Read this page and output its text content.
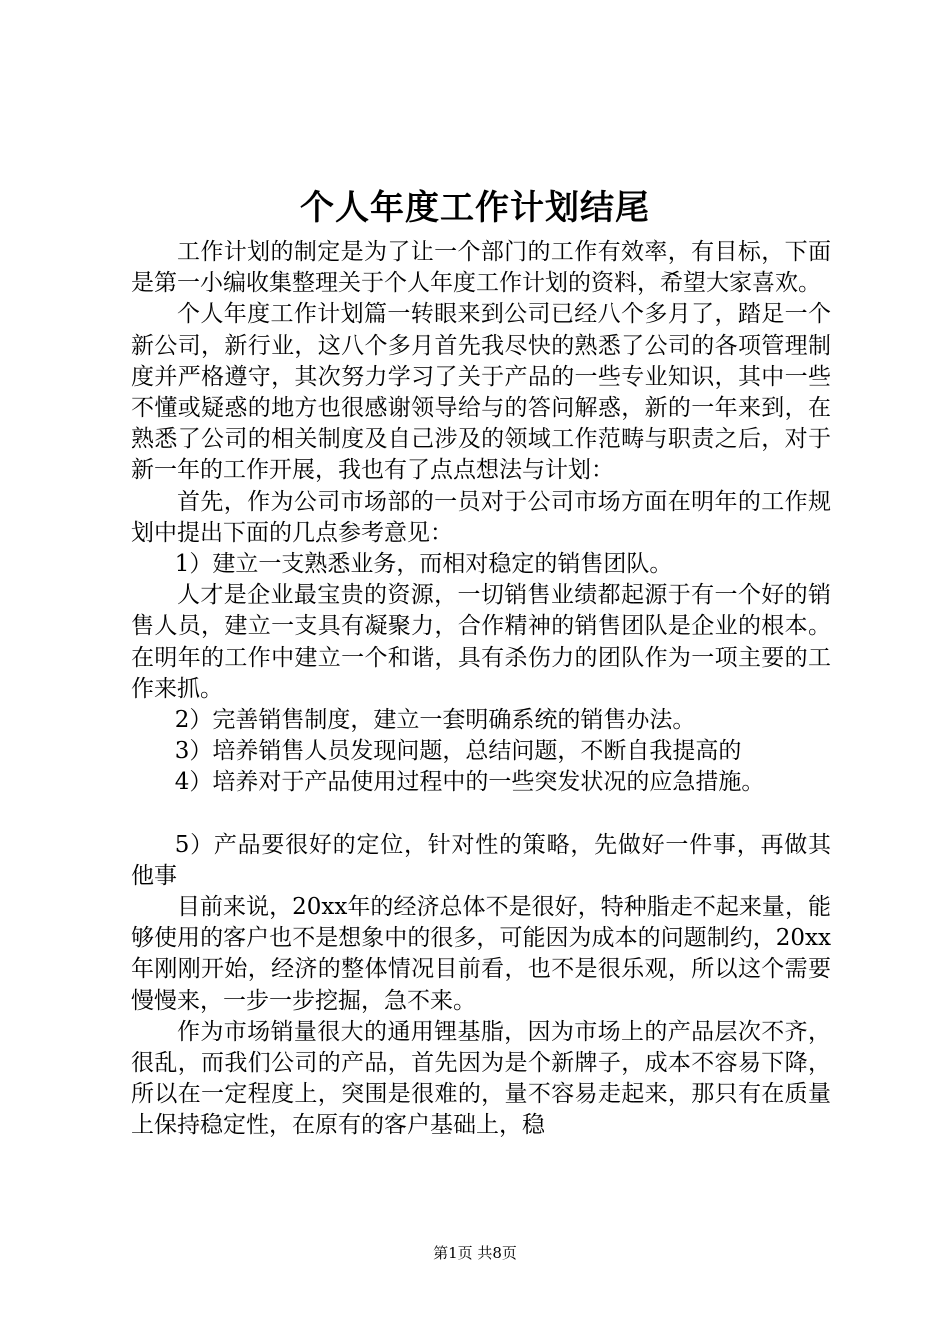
个人年度工作计划结尾

工作计划的制定是为了让一个部门的工作有效率，有目标，下面是第一小编收集整理关于个人年度工作计划的资料，希望大家喜欢。

个人年度工作计划篇一转眼来到公司已经八个多月了，踏足一个新公司，新行业，这八个多月首先我尽快的熟悉了公司的各项管理制度并严格遵守，其次努力学习了关于产品的一些专业知识，其中一些不懂或疑惑的地方也很感谢领导给与的答问解惑，新的一年来到，在熟悉了公司的相关制度及自己涉及的领域工作范畴与职责之后，对于新一年的工作开展，我也有了点点想法与计划：

首先，作为公司市场部的一员对于公司市场方面在明年的工作规划中提出下面的几点参考意见：

1）建立一支熟悉业务，而相对稳定的销售团队。

人才是企业最宝贵的资源，一切销售业绩都起源于有一个好的销售人员，建立一支具有凝聚力，合作精神的销售团队是企业的根本。在明年的工作中建立一个和谐，具有杀伤力的团队作为一项主要的工作来抓。

2）完善销售制度，建立一套明确系统的销售办法。

3）培养销售人员发现问题，总结问题，不断自我提高的

4）培养对于产品使用过程中的一些突发状况的应急措施。

5）产品要很好的定位，针对性的策略，先做好一件事，再做其他事

目前来说，20xx年的经济总体不是很好，特种脂走不起来量，能够使用的客户也不是想象中的很多，可能因为成本的问题制约，20xx年刚刚开始，经济的整体情况目前看，也不是很乐观，所以这个需要慢慢来，一步一步挖掘，急不来。

作为市场销量很大的通用锂基脂，因为市场上的产品层次不齐，很乱，而我们公司的产品，首先因为是个新牌子，成本不容易下降，所以在一定程度上，突围是很难的，量不容易走起来，那只有在质量上保持稳定性，在原有的客户基础上，稳

第1页 共8页
